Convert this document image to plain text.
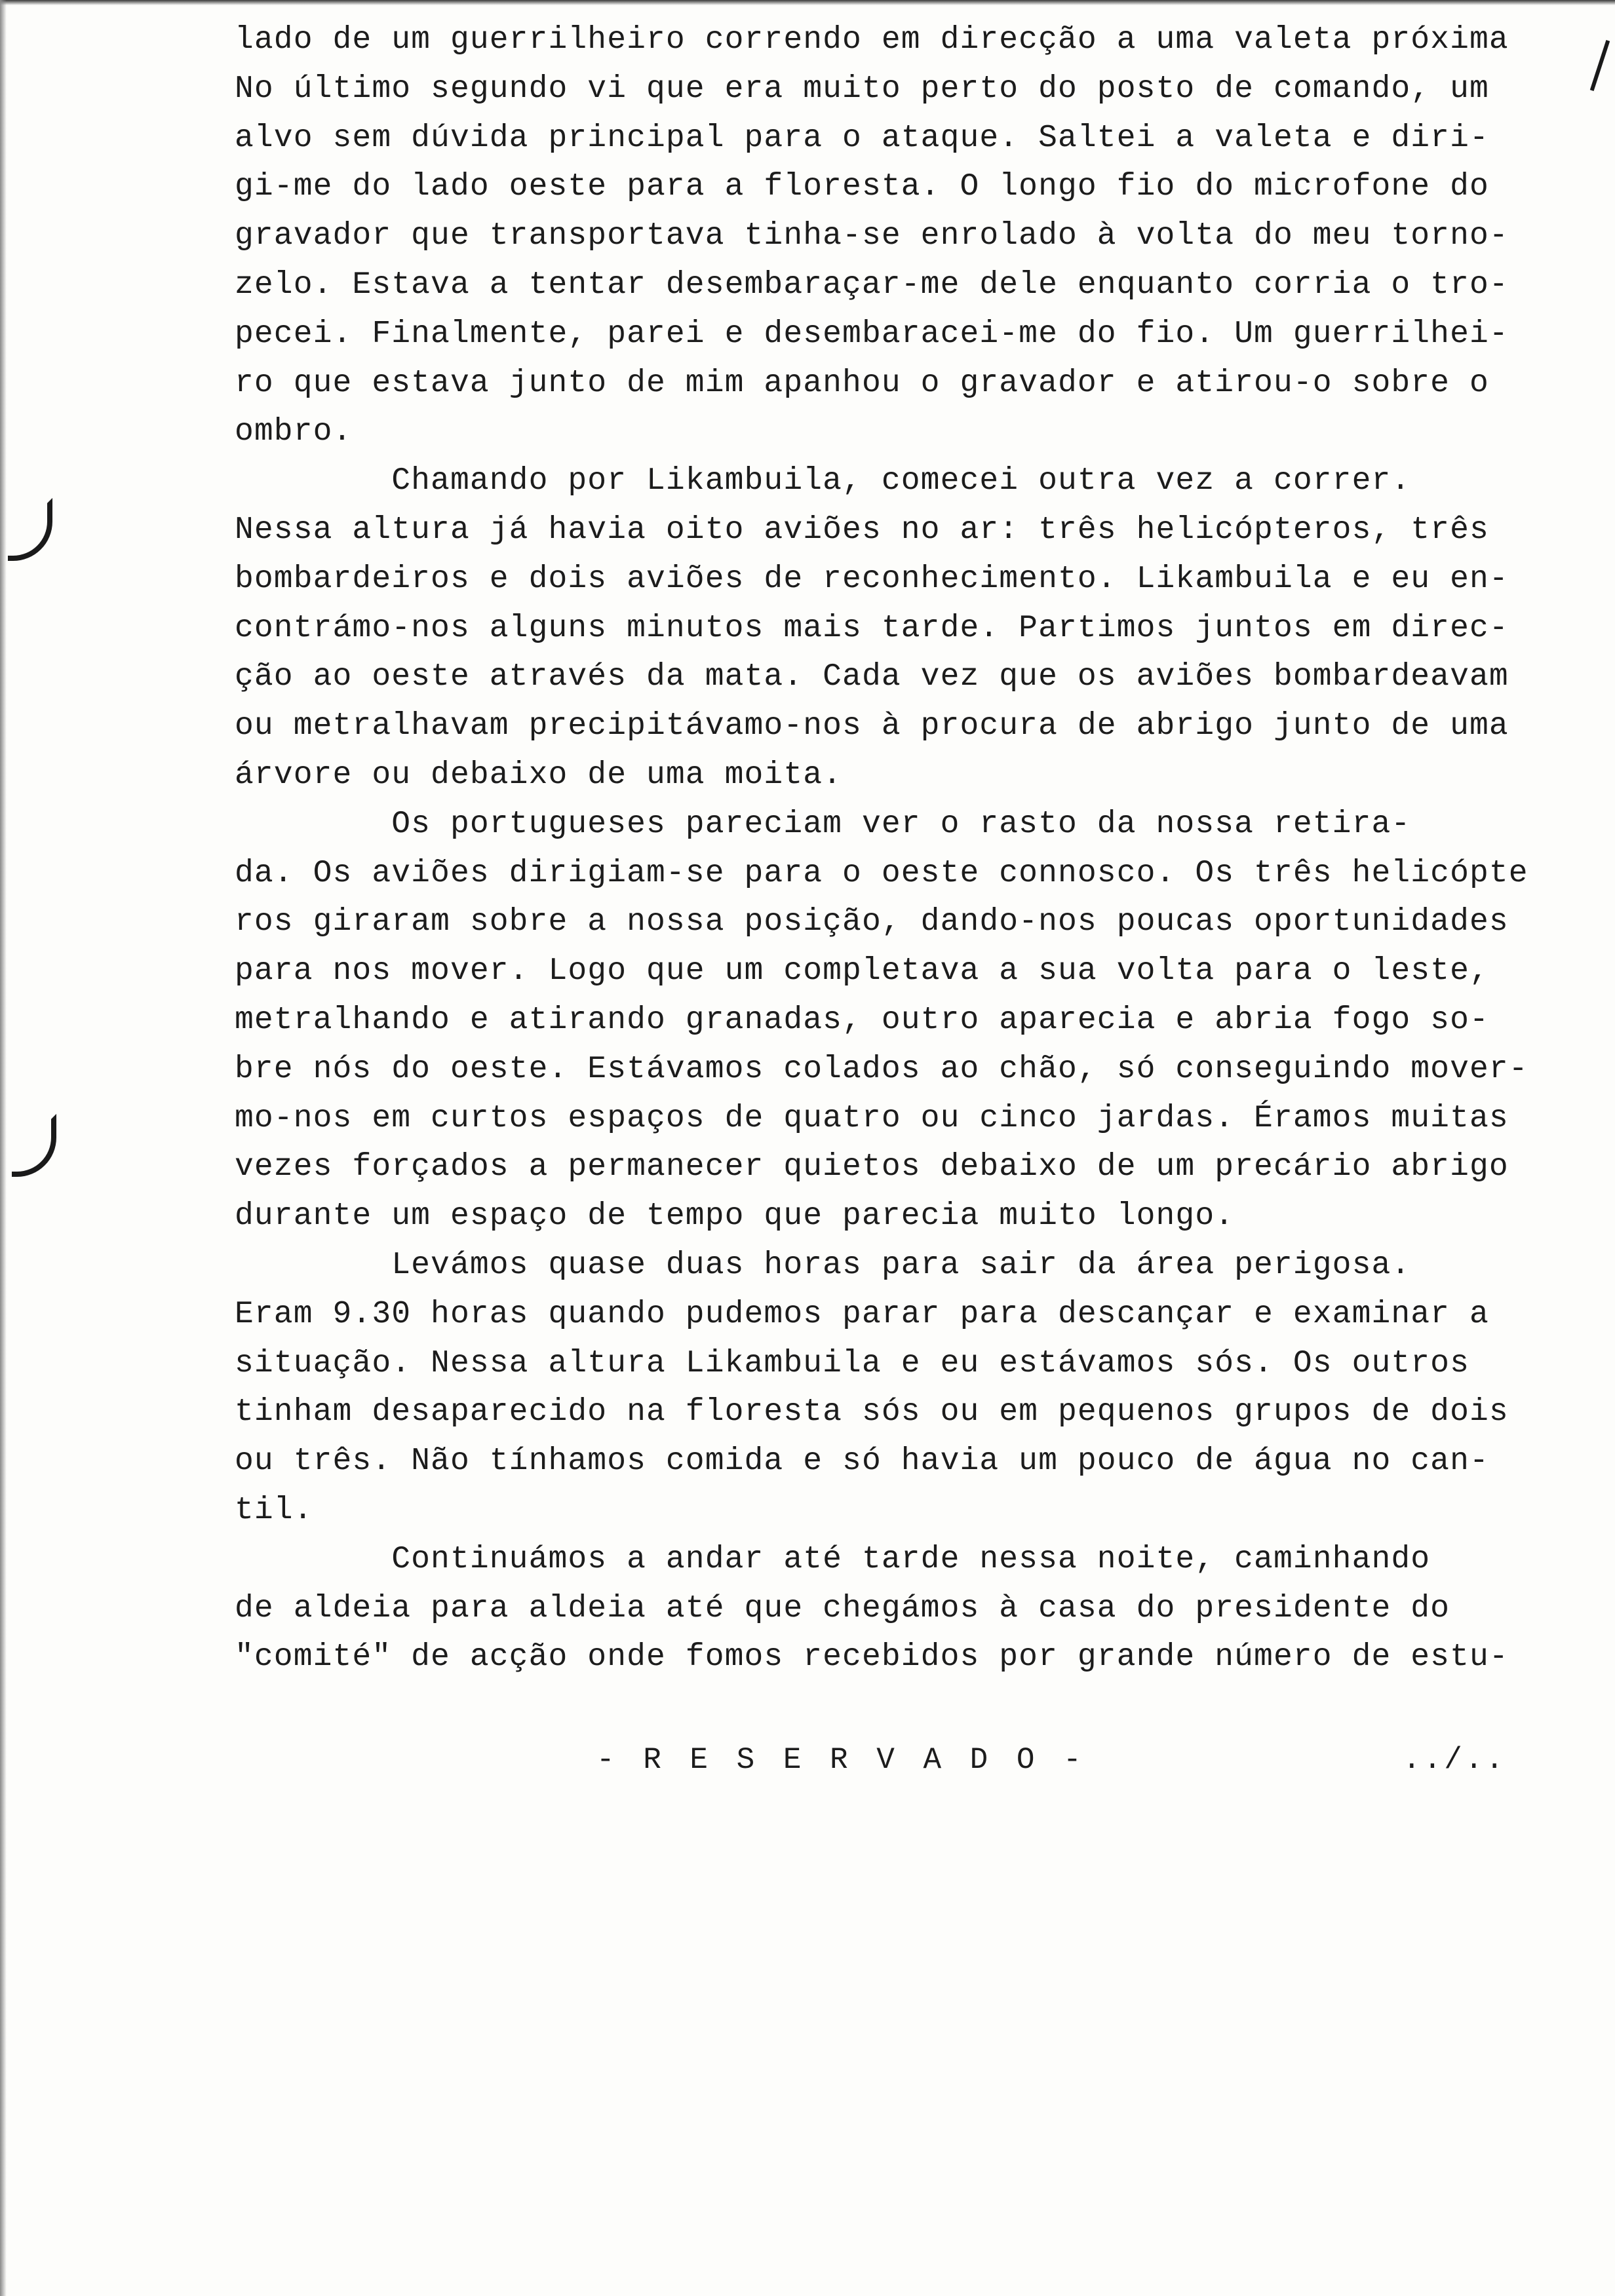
lado de um guerrilheiro correndo em direcção a uma valeta próxima
No último segundo vi que era muito perto do posto de comando, um
alvo sem dúvida principal para o ataque. Saltei a valeta e diri-
gi-me do lado oeste para a floresta. O longo fio do microfone do
gravador que transportava tinha-se enrolado à volta do meu torno-
zelo. Estava a tentar desembaraçar-me dele enquanto corria o tro-
pecei. Finalmente, parei e desembaracei-me do fio. Um guerrilhei-
ro que estava junto de mim apanhou o gravador e atirou-o sobre o
ombro.
Chamando por Likambuila, comecei outra vez a correr.
Nessa altura já havia oito aviões no ar: três helicópteros, três
bombardeiros e dois aviões de reconhecimento. Likambuila e eu en-
contrámo-nos alguns minutos mais tarde. Partimos juntos em direc-
ção ao oeste através da mata. Cada vez que os aviões bombardeavam
ou metralhavam precipitávamo-nos à procura de abrigo junto de uma
árvore ou debaixo de uma moita.
Os portugueses pareciam ver o rasto da nossa retira-
da. Os aviões dirigiam-se para o oeste connosco. Os três helicópte
ros giraram sobre a nossa posição, dando-nos poucas oportunidades
para nos mover. Logo que um completava a sua volta para o leste,
metralhando e atirando granadas, outro aparecia e abria fogo so-
bre nós do oeste. Estávamos colados ao chão, só conseguindo mover-
mo-nos em curtos espaços de quatro ou cinco jardas. Éramos muitas
vezes forçados a permanecer quietos debaixo de um precário abrigo
durante um espaço de tempo que parecia muito longo.
Levámos quase duas horas para sair da área perigosa.
Eram 9.30 horas quando pudemos parar para descançar e examinar a
situação. Nessa altura Likambuila e eu estávamos sós. Os outros
tinham desaparecido na floresta sós ou em pequenos grupos de dois
ou três. Não tínhamos comida e só havia um pouco de água no can-
til.
Continuámos a andar até tarde nessa noite, caminhando
de aldeia para aldeia até que chegámos à casa do presidente do
"comité" de acção onde fomos recebidos por grande número de estu-
- R E S E R V A D O -	../..
